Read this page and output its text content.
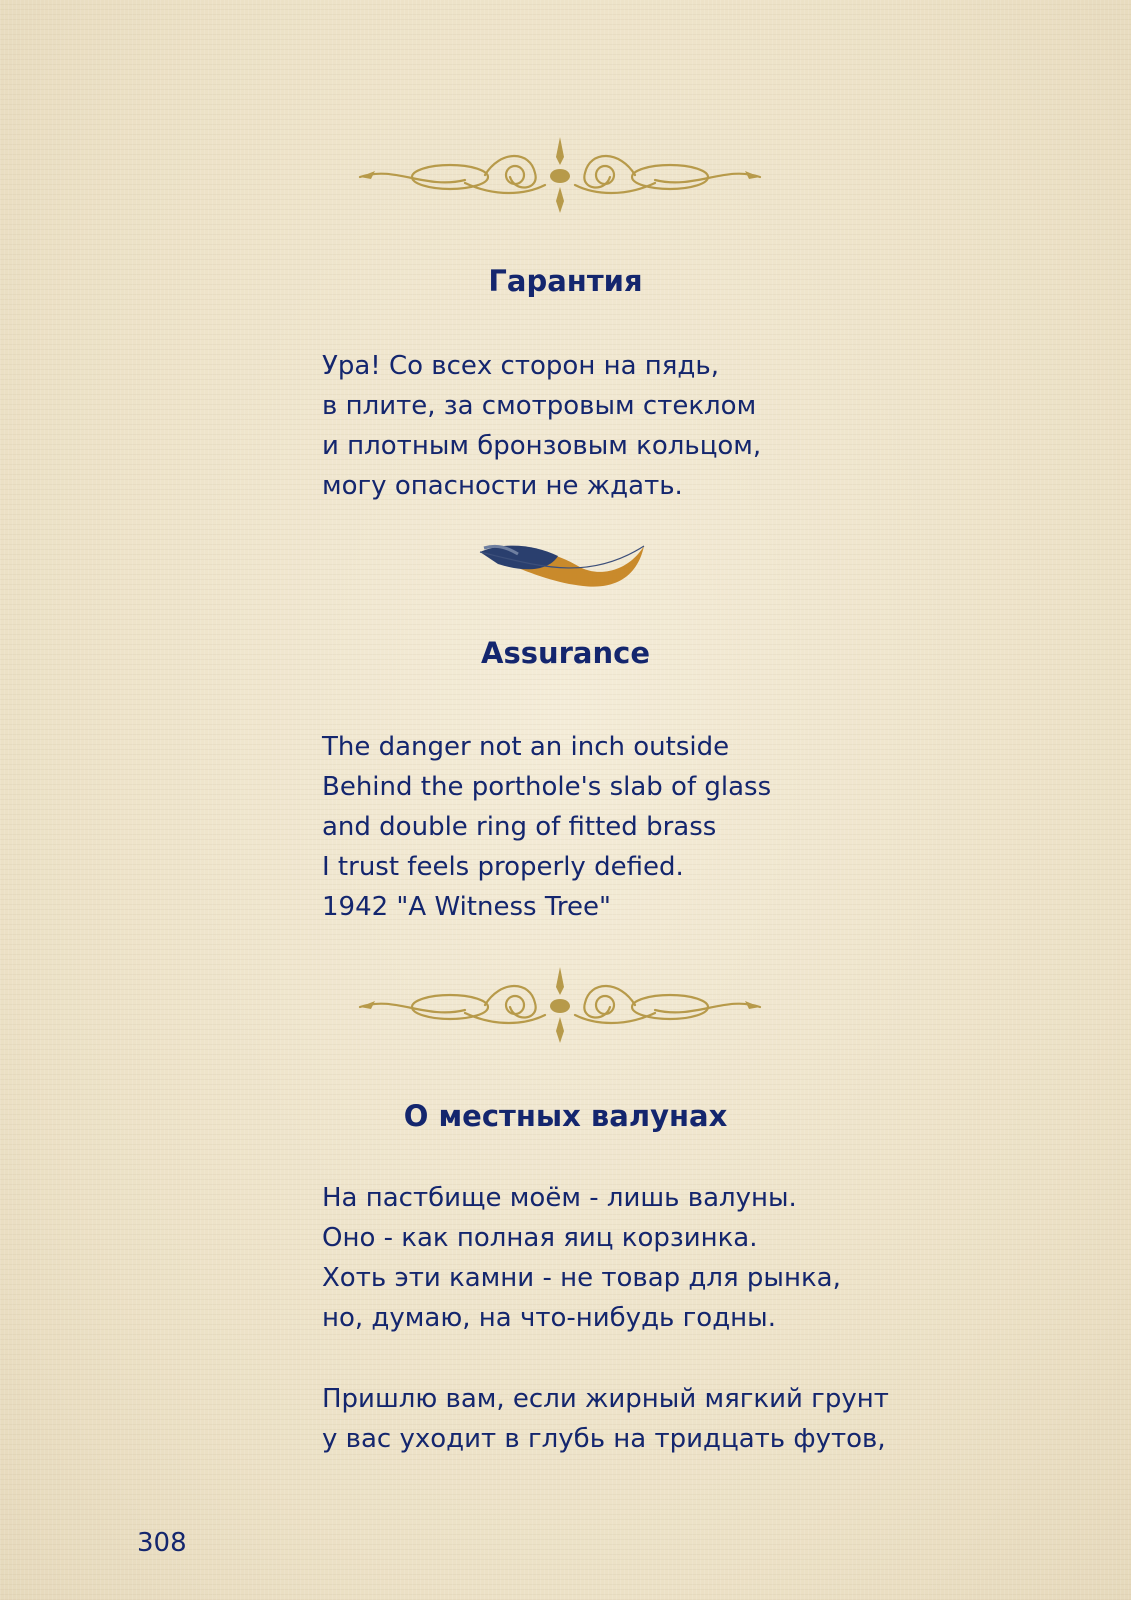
Гарантия
Ура! Со всех сторон на пядь,
в плите, за смотровым стеклом
и плотным бронзовым кольцом,
могу опасности не ждать.
Assurance
The danger not an inch outside
Behind the porthole's slab of glass
and double ring of fitted brass
I trust feels properly defied.
1942 "A Witness Tree"
О местных валунах
На пастбище моём - лишь валуны.
Оно - как полная яиц корзинка.
Хоть эти камни - не товар для рынка,
но, думаю, на что-нибудь годны.
Пришлю вам, если жирный мягкий грунт
у вас уходит в глубь на тридцать футов,
308
